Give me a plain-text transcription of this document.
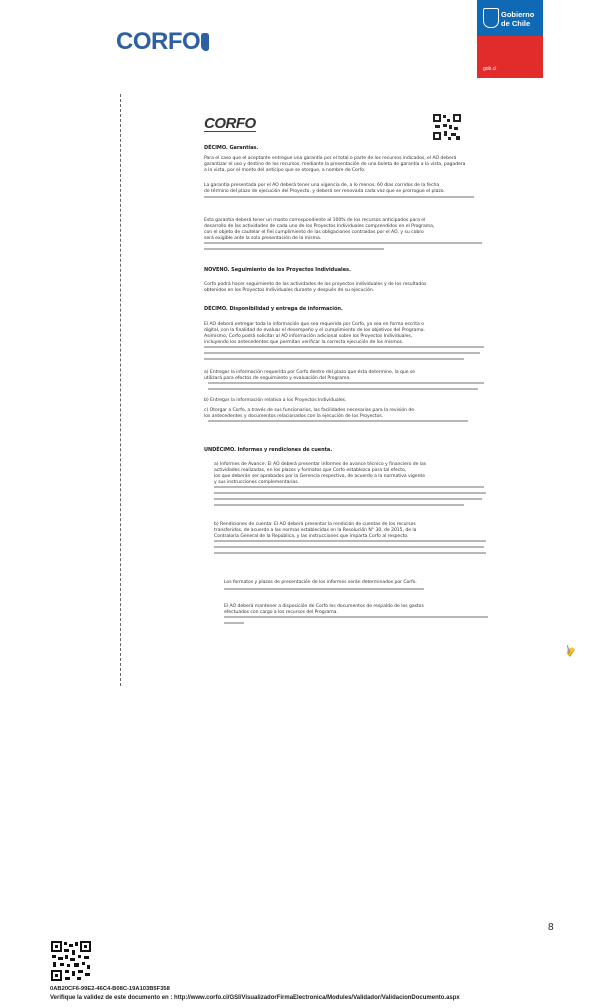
CORFO
Gobierno de Chile
gob.cl
CORFO
DÉCIMO. Garantías.
Para el caso que el aceptante entregue una garantía por el total o parte de los recursos indicados, el AO deberá
garantizar el uso y destino de los recursos, mediante la presentación de una boleta de garantía a la vista, pagadera
a la vista, por el monto del anticipo que se otorgue, a nombre de Corfo.
La garantía presentada por el AO deberá tener una vigencia de, a lo menos, 60 días corridos de la fecha
de término del plazo de ejecución del Proyecto, y deberá ser renovada cada vez que se prorrogue el plazo.
Esta garantía deberá tener un monto correspondiente al 100% de los recursos anticipados para el
desarrollo de las actividades de cada uno de los Proyectos Individuales comprendidos en el Programa,
con el objeto de cautelar el fiel cumplimiento de las obligaciones contraídas por el AO, y su cobro
será exigible ante la sola presentación de la misma.
NOVENO. Seguimiento de los Proyectos Individuales.
Corfo podrá hacer seguimiento de las actividades de los proyectos individuales y de los resultados
obtenidos en los Proyectos Individuales durante y después de su ejecución.
DÉCIMO. Disponibilidad y entrega de información.
El AO deberá entregar toda la información que sea requerida por Corfo, ya sea en forma escrita o
digital, con la finalidad de evaluar el desempeño y el cumplimiento de los objetivos del Programa.
Asimismo, Corfo podrá solicitar al AO información adicional sobre los Proyectos Individuales,
incluyendo los antecedentes que permitan verificar la correcta ejecución de los mismos.
a) Entregar la información requerida por Corfo dentro del plazo que ésta determine, la que se
utilizará para efectos de seguimiento y evaluación del Programa.
b) Entregar la información relativa a los Proyectos Individuales.
c) Otorgar a Corfo, a través de sus funcionarios, las facilidades necesarias para la revisión de
los antecedentes y documentos relacionados con la ejecución de los Proyectos.
UNDÉCIMO. Informes y rendiciones de cuenta.
a) Informes de Avance: El AO deberá presentar informes de avance técnico y financiero de las
actividades realizadas, en los plazos y formatos que Corfo establezca para tal efecto,
los que deberán ser aprobados por la Gerencia respectiva, de acuerdo a la normativa vigente
y sus instrucciones complementarias.
b) Rendiciones de cuenta: El AO deberá presentar la rendición de cuentas de los recursos
transferidos, de acuerdo a las normas establecidas en la Resolución N° 30, de 2015, de la
Contraloría General de la República, y las instrucciones que imparta Corfo al respecto.
Los formatos y plazos de presentación de los informes serán determinados por Corfo.
El AO deberá mantener a disposición de Corfo los documentos de respaldo de los gastos
efectuados con cargo a los recursos del Programa.
✍
8
0AB20CF6-99E2-46C4-B08C-19A103B5F358
Verifique la validez de este documento en : http://www.corfo.cl/GSI/VisualizadorFirmaElectronica/Modules/Validador/ValidacionDocumento.aspx
